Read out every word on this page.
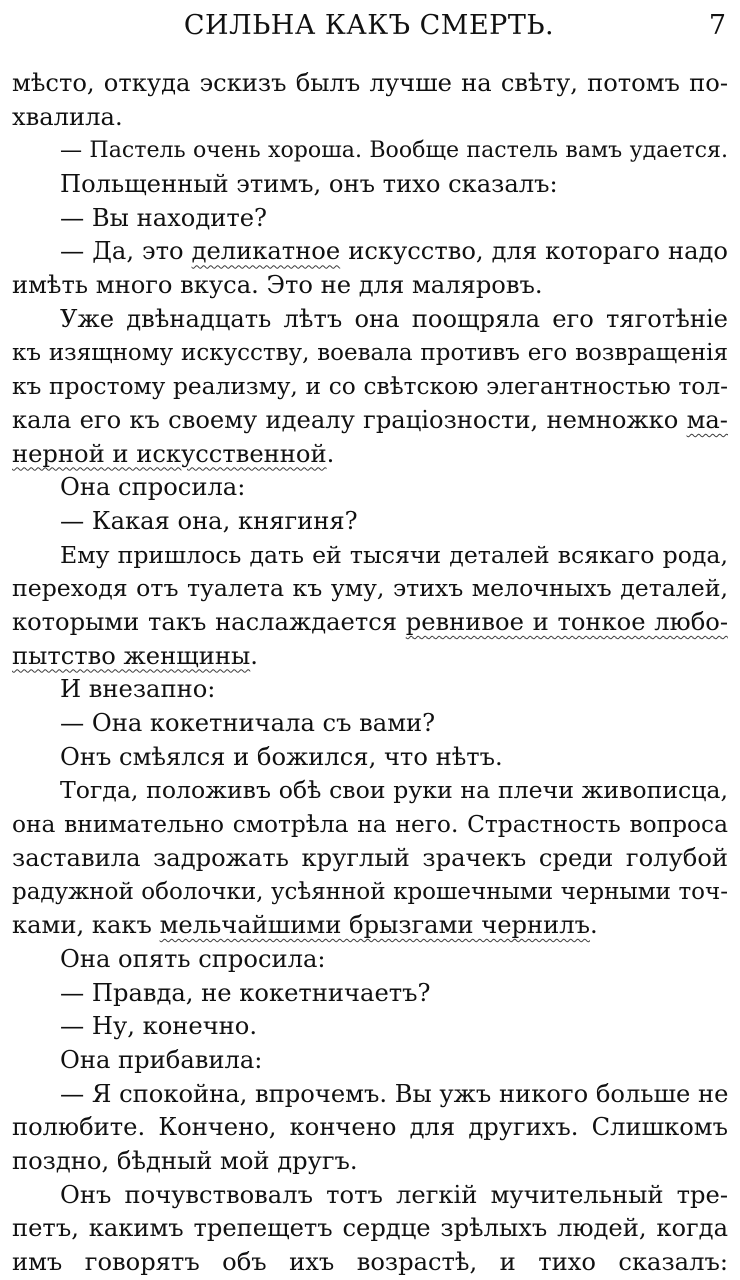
СИЛЬНА КАКЪ СМЕРТЬ.	7
мѣсто, откуда эскизъ былъ лучше на свѣту, потомъ по-
хвалила.
— Пастель очень хороша. Вообще пастель вамъ удается.
Польщенный этимъ, онъ тихо сказалъ:
— Вы находите?
— Да, это деликатное искусство, для котораго надо
имѣть много вкуса. Это не для маляровъ.
Уже двѣнадцать лѣтъ она поощряла его тяготѣнiе
къ изящному искусству, воевала противъ его возвращенiя
къ простому реализму, и со свѣтскою элегантностью тол-
кала его къ своему идеалу грацiозности, немножко ма-
нерной и искусственной.
Она спросила:
— Какая она, княгиня?
Ему пришлось дать ей тысячи деталей всякаго рода,
переходя отъ туалета къ уму, этихъ мелочныхъ деталей,
которыми такъ наслаждается ревнивое и тонкое любо-
пытство женщины.
И внезапно:
— Она кокетничала съ вами?
Онъ смѣялся и божился, что нѣтъ.
Тогда, положивъ обѣ свои руки на плечи живописца,
она внимательно смотрѣла на него. Страстность вопроса
заставила задрожать круглый зрачекъ среди голубой
радужной оболочки, усѣянной крошечными черными точ-
ками, какъ мельчайшими брызгами чернилъ.
Она опять спросила:
— Правда, не кокетничаетъ?
— Ну, конечно.
Она прибавила:
— Я спокойна, впрочемъ. Вы ужъ никого больше не
полюбите. Кончено, кончено для другихъ. Слишкомъ
поздно, бѣдный мой другъ.
Онъ почувствовалъ тотъ легкiй мучительный тре-
петъ, какимъ трепещетъ сердце зрѣлыхъ людей, когда
имъ говорятъ объ ихъ возрастѣ, и тихо сказалъ:
